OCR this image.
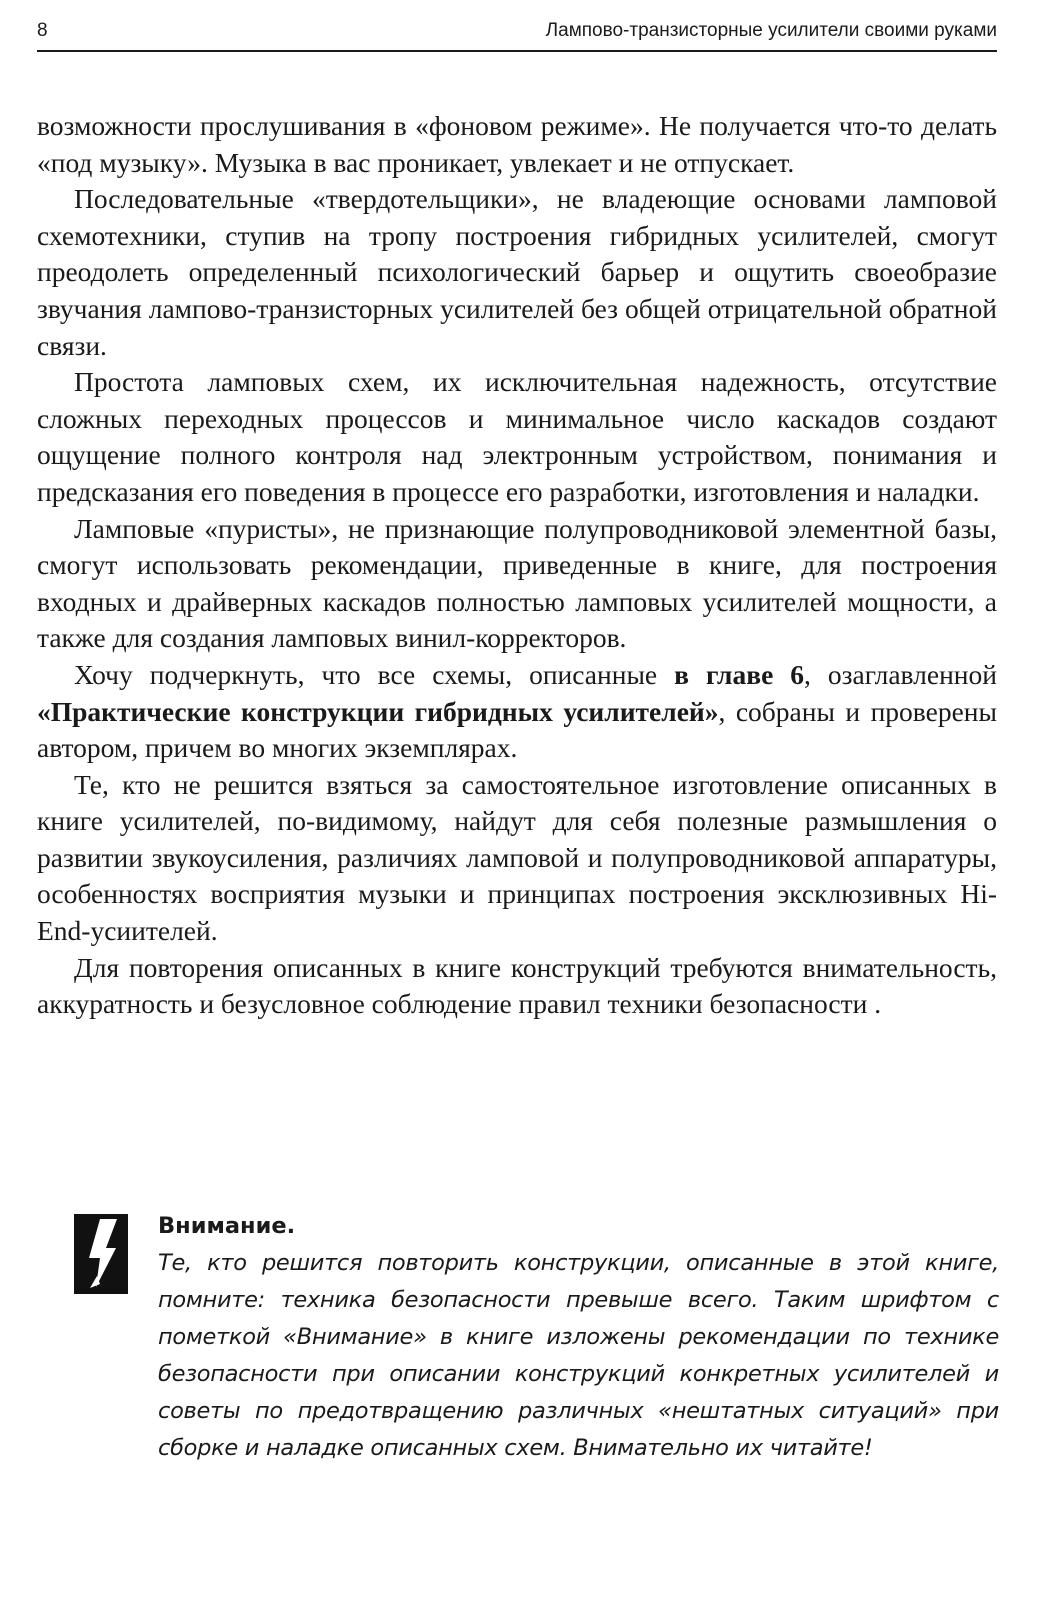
8	Лампово-транзисторные усилители своими руками

возможности прослушивания в «фоновом режиме». Не получается что-то делать «под музыку». Музыка в вас проникает, увлекает и не отпускает.

Последовательные «твердотельщики», не владеющие основами ламповой схемотехники, ступив на тропу построения гибридных усилителей, смогут преодолеть определенный психологический барьер и ощутить своеобразие звучания лампово-транзисторных усилителей без общей отрицательной обратной связи.

Простота ламповых схем, их исключительная надежность, отсутствие сложных переходных процессов и минимальное число каскадов создают ощущение полного контроля над электронным устройством, понимания и предсказания его поведения в процессе его разработки, изготовления и наладки.

Ламповые «пуристы», не признающие полупроводниковой элементной базы, смогут использовать рекомендации, приведенные в книге, для построения входных и драйверных каскадов полностью ламповых усилителей мощности, а также для создания ламповых винил-корректоров.

Хочу подчеркнуть, что все схемы, описанные в главе 6, озаглавленной «Практические конструкции гибридных усилителей», собраны и проверены автором, причем во многих экземплярах.

Те, кто не решится взяться за самостоятельное изготовление описанных в книге усилителей, по-видимому, найдут для себя полезные размышления о развитии звукоусиления, различиях ламповой и полупроводниковой аппаратуры, особенностях восприятия музыки и принципах построения эксклюзивных Hi-End-усиителей.

Для повторения описанных в книге конструкций требуются внимательность, аккуратность и безусловное соблюдение правил техники безопасности .

Внимание.
Те, кто решится повторить конструкции, описанные в этой книге, помните: техника безопасности превыше всего. Таким шрифтом с пометкой «Внимание» в книге изложены рекомендации по технике безопасности при описании конструкций конкретных усилителей и советы по предотвращению различных «нештатных ситуаций» при сборке и наладке описанных схем. Внимательно их читайте!
